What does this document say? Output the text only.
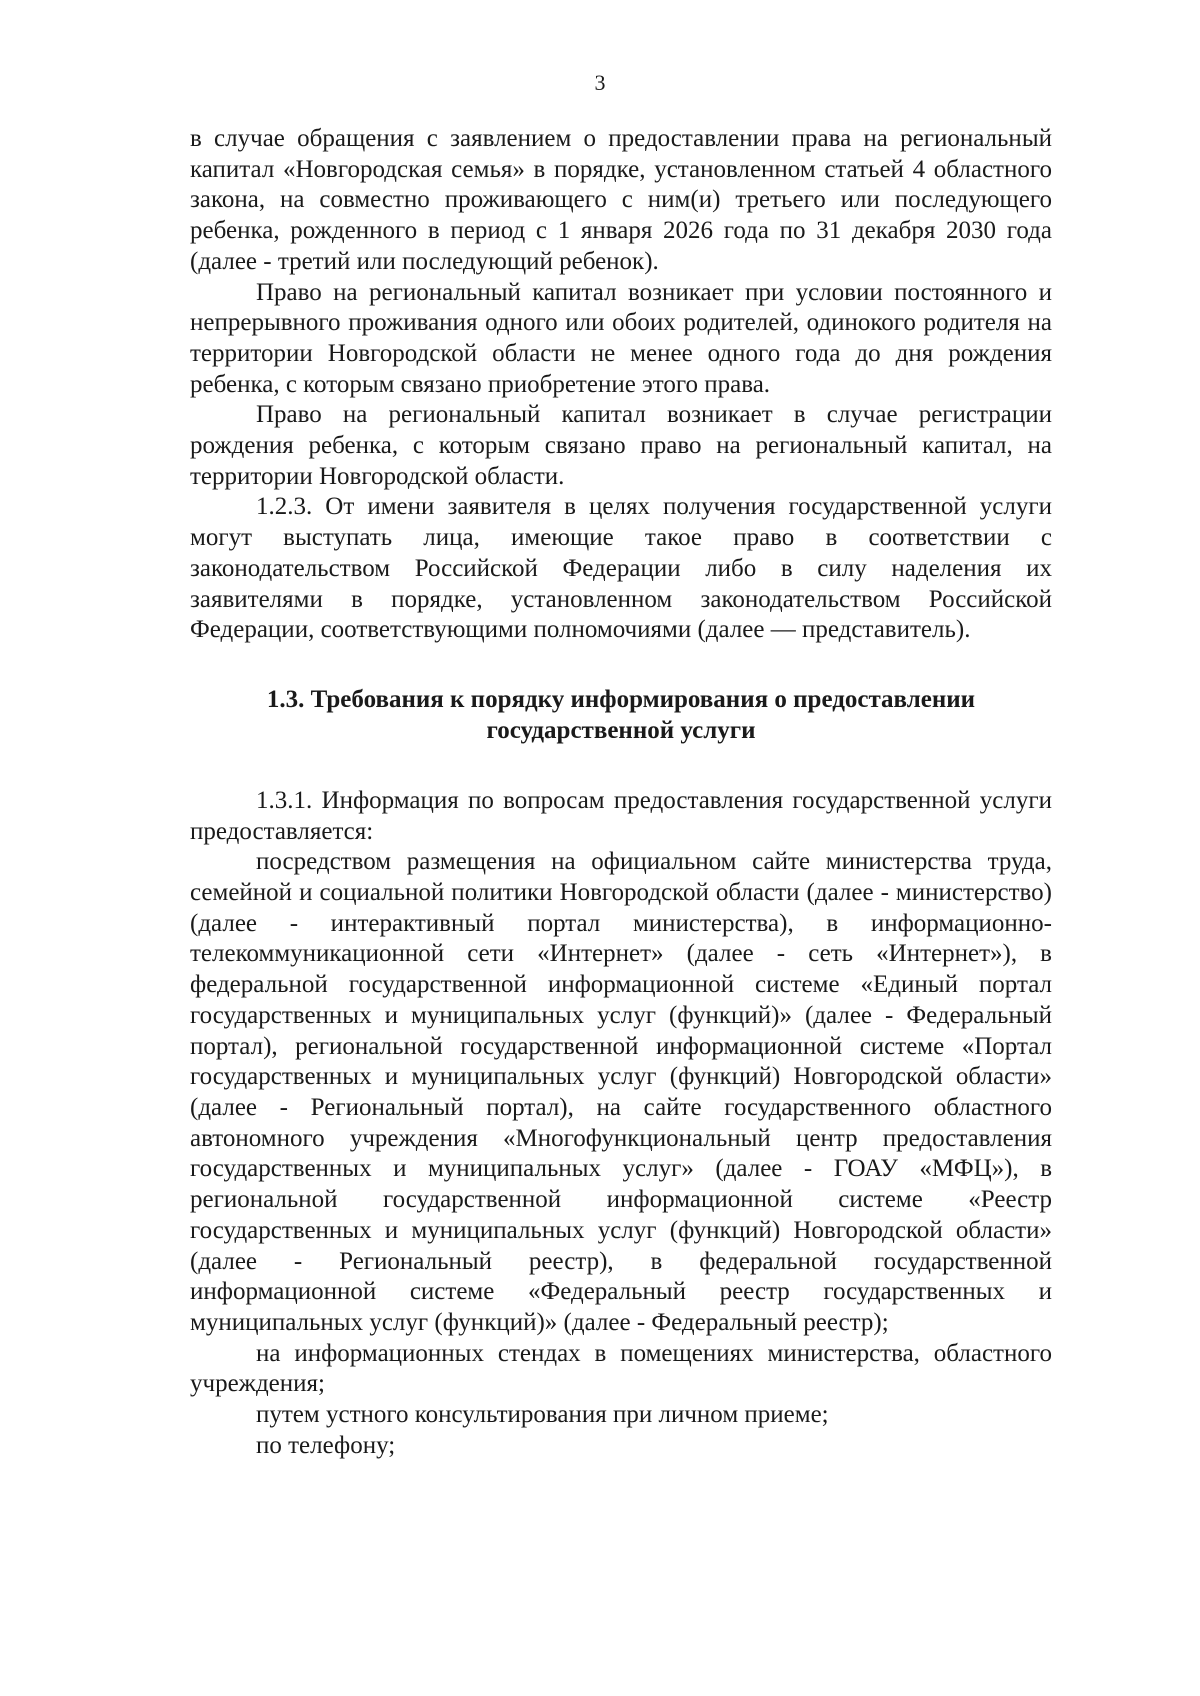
3

в случае обращения с заявлением о предоставлении права на региональный капитал «Новгородская семья» в порядке, установленном статьей 4 областного закона, на совместно проживающего с ним(и) третьего или последующего ребенка, рожденного в период с 1 января 2026 года по 31 декабря 2030 года (далее - третий или последующий ребенок).

Право на региональный капитал возникает при условии постоянного и непрерывного проживания одного или обоих родителей, одинокого родителя на территории Новгородской области не менее одного года до дня рождения ребенка, с которым связано приобретение этого права.

Право на региональный капитал возникает в случае регистрации рождения ребенка, с которым связано право на региональный капитал, на территории Новгородской области.

1.2.3. От имени заявителя в целях получения государственной услуги могут выступать лица, имеющие такое право в соответствии с законодательством Российской Федерации либо в силу наделения их заявителями в порядке, установленном законодательством Российской Федерации, соответствующими полномочиями (далее — представитель).

1.3. Требования к порядку информирования о предоставлении
государственной услуги

1.3.1. Информация по вопросам предоставления государственной услуги предоставляется:

посредством размещения на официальном сайте министерства труда, семейной и социальной политики Новгородской области (далее - министерство) (далее - интерактивный портал министерства), в информационно-телекоммуникационной сети «Интернет» (далее - сеть «Интернет»), в федеральной государственной информационной системе «Единый портал государственных и муниципальных услуг (функций)» (далее - Федеральный портал), региональной государственной информационной системе «Портал государственных и муниципальных услуг (функций) Новгородской области» (далее - Региональный портал), на сайте государственного областного автономного учреждения «Многофункциональный центр предоставления государственных и муниципальных услуг» (далее - ГОАУ «МФЦ»), в региональной государственной информационной системе «Реестр государственных и муниципальных услуг (функций) Новгородской области» (далее - Региональный реестр), в федеральной государственной информационной системе «Федеральный реестр государственных и муниципальных услуг (функций)» (далее - Федеральный реестр);

на информационных стендах в помещениях министерства, областного учреждения;

путем устного консультирования при личном приеме;

по телефону;
